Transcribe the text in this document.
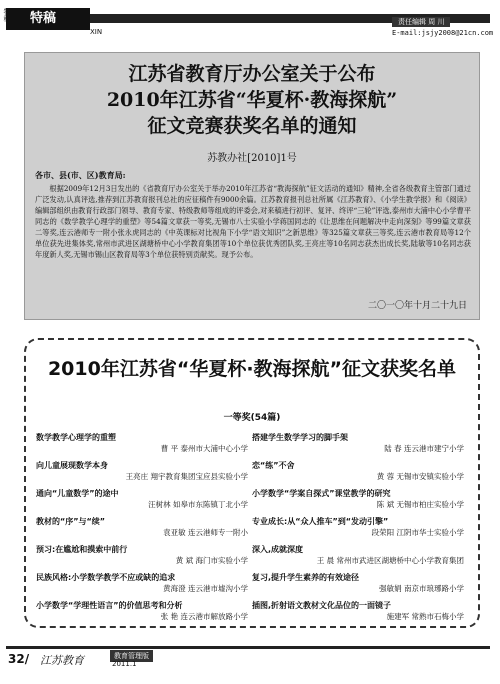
特稿
XIN
责任编辑 周 川
E-mail:jsjy2008@21cn.com
江苏省教育厅办公室关于公布
2010年江苏省“华夏杯·教海探航”
征文竞赛获奖名单的通知
苏教办社[2010]1号
各市、县(市、区)教育局:
根据2009年12月3日发出的《省教育厅办公室关于举办2010年江苏省“教海探航”征文活动的通知》精神,全省各级教育主管部门通过广泛发动,认真评选,推荐到江苏教育报刊总社的应征稿件有9000余篇。江苏教育报刊总社所属《江苏教育》、《小学生教学报》和《阅读》编辑部组织由教育行政部门领导、教育专家、特级教师等组成的评委会,对来稿进行初评、复评、终评“三轮”评选,泰州市大浦中心小学曹平同志的《数学教学心理学的重塑》等54篇文章获一等奖,无锡市八士实验小学蒋国同志的《让思维在问题解决中走向深刻》等99篇文章获二等奖,连云港师专一附小张永虎同志的《中英课标对比视角下小学“语文知识”之新思维》等325篇文章获三等奖,连云港市教育局等12个单位获先进集体奖,常州市武进区湖塘桥中心小学教育集团等10个单位获优秀团队奖,王亮庄等10名同志获杰出成长奖,陆敏等10名同志获年度新人奖,无锡市锡山区教育局等3个单位获特别贡献奖。现予公布。
二〇一〇年十月二十九日
2010年江苏省“华夏杯·教海探航”征文获奖名单
一等奖(54篇)
数学教学心理学的重塑
曹 平 泰州市大浦中心小学
向儿童展现数学本身
王亮庄 翔宇教育集团宝应县实验小学
通向“儿童数学”的途中
汪树林 如皋市东陈镇丁北小学
教材的“序”与“续”
袁亚敏 连云港师专一附小
预习:在尴尬和摸索中前行
黄 斌 海门市实验小学
民族风格:小学数学教学不应或缺的追求
黄海澄 连云港市墟沟小学
小学数学“学理性语言”的价值思考和分析
张 艳 连云港市解放路小学
搭建学生数学学习的脚手架
陆 春 连云港市建宁小学
恋“练”不舍
黄 蓉 无锡市安镇实验小学
小学数学“学案自探式”课堂教学的研究
陈 斌 无锡市柏庄实验小学
专业成长:从“众人推车”到“发动引擎”
段荣阳 江阴市华士实验小学
深入,成就深度
王 晨 常州市武进区湖塘桥中心小学教育集团
复习,提升学生素养的有效途径
强敏娟 南京市琅琊路小学
插图,折射语文教材文化品位的一面镜子
施建军 常熟市石梅小学
32/ 江苏教育	教育管理版
2011.1
